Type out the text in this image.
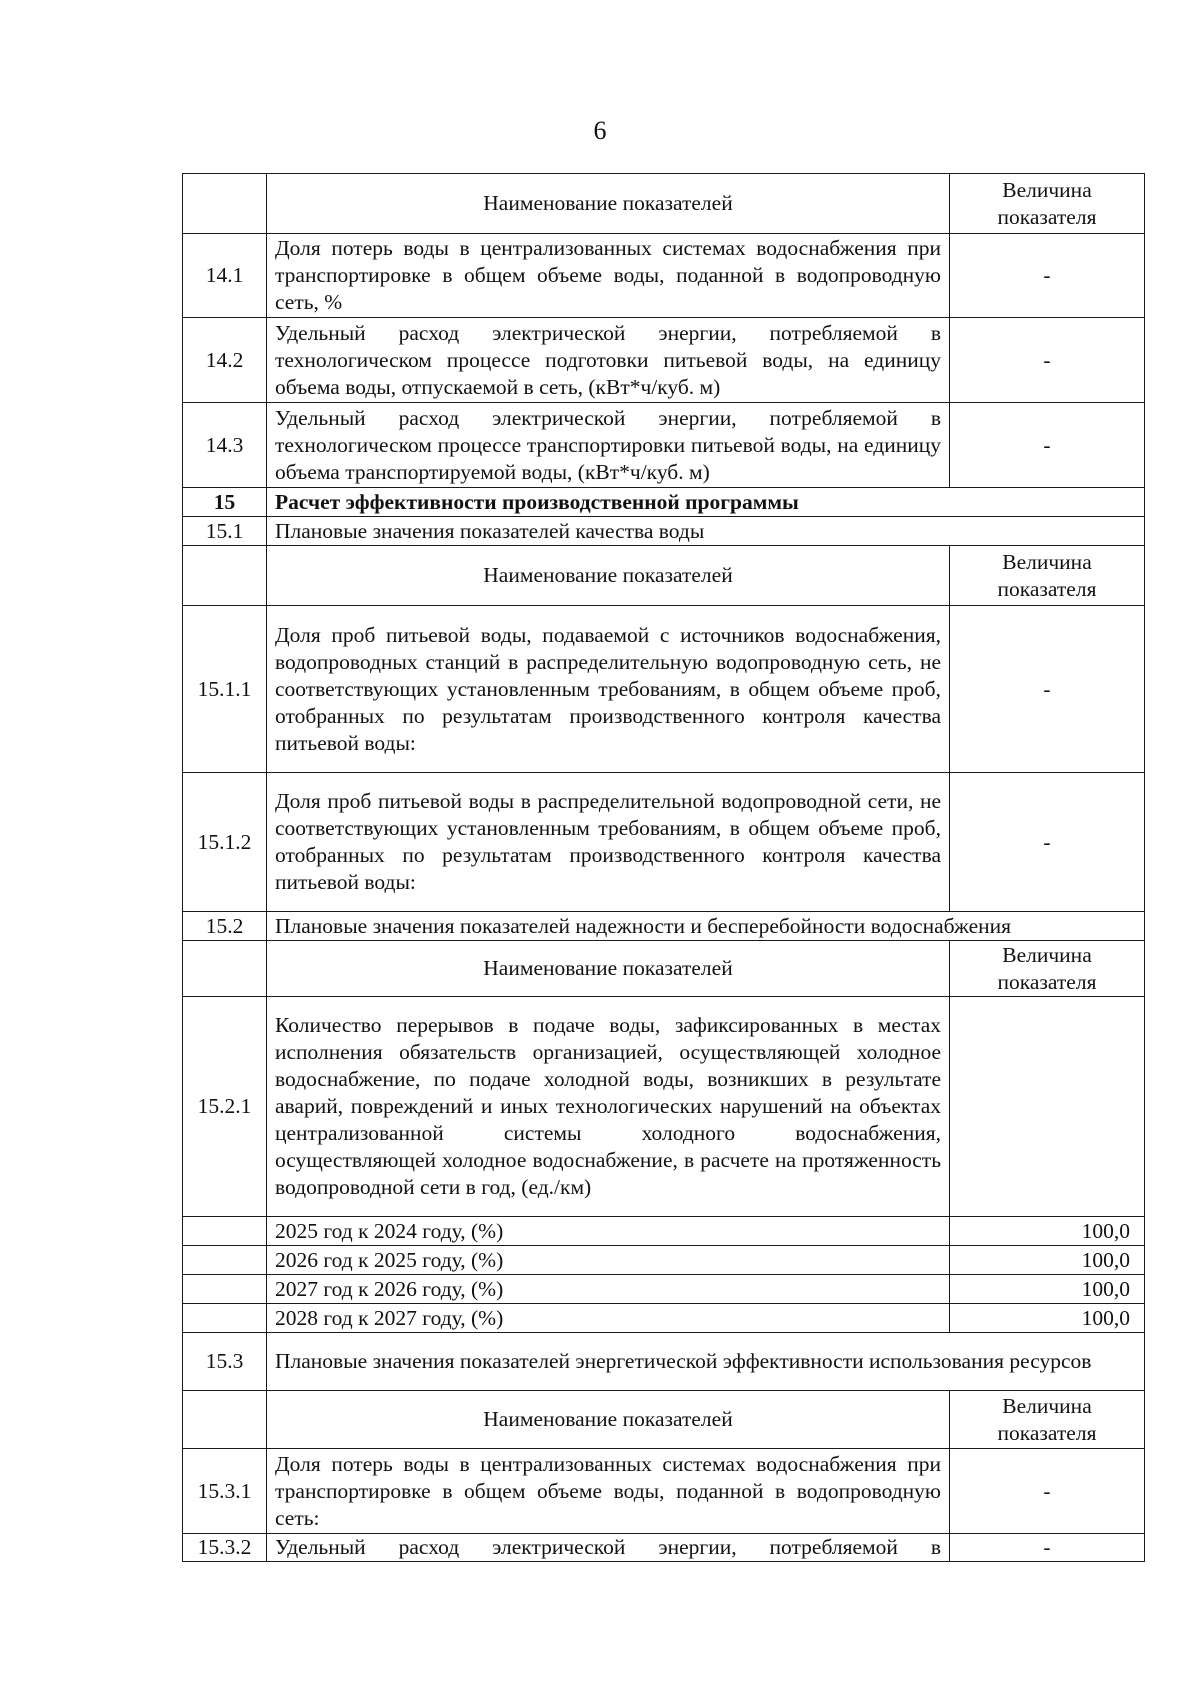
6
	Наименование показателей	Величина показателя
14.1	Доля потерь воды в централизованных системах водоснабжения при транспортировке в общем объеме воды, поданной в водопроводную сеть, %	-
14.2	Удельный расход электрической энергии, потребляемой в технологическом процессе подготовки питьевой воды, на единицу объема воды, отпускаемой в сеть, (кВт*ч/куб. м)	-
14.3	Удельный расход электрической энергии, потребляемой в технологическом процессе транспортировки питьевой воды, на единицу объема транспортируемой воды, (кВт*ч/куб. м)	-
15	Расчет эффективности производственной программы	
15.1	Плановые значения показателей качества воды	
	Наименование показателей	Величина показателя
15.1.1	Доля проб питьевой воды, подаваемой с источников водоснабжения, водопроводных станций в распределительную водопроводную сеть, не соответствующих установленным требованиям, в общем объеме проб, отобранных по результатам производственного контроля качества питьевой воды:	-
15.1.2	Доля проб питьевой воды в распределительной водопроводной сети, не соответствующих установленным требованиям, в общем объеме проб, отобранных по результатам производственного контроля качества питьевой воды:	-
15.2	Плановые значения показателей надежности и бесперебойности водоснабжения	
	Наименование показателей	Величина показателя
15.2.1	Количество перерывов в подаче воды, зафиксированных в местах исполнения обязательств организацией, осуществляющей холодное водоснабжение, по подаче холодной воды, возникших в результате аварий, повреждений и иных технологических нарушений на объектах централизованной системы холодного водоснабжения, осуществляющей холодное водоснабжение, в расчете на протяженность водопроводной сети в год, (ед./км)	
	2025 год к 2024 году, (%)	100,0
	2026 год к 2025 году, (%)	100,0
	2027 год к 2026 году, (%)	100,0
	2028 год к 2027 году, (%)	100,0
15.3	Плановые значения показателей энергетической эффективности использования ресурсов	
	Наименование показателей	Величина показателя
15.3.1	Доля потерь воды в централизованных системах водоснабжения при транспортировке в общем объеме воды, поданной в водопроводную сеть:	-
15.3.2	Удельный расход электрической энергии, потребляемой в	-
